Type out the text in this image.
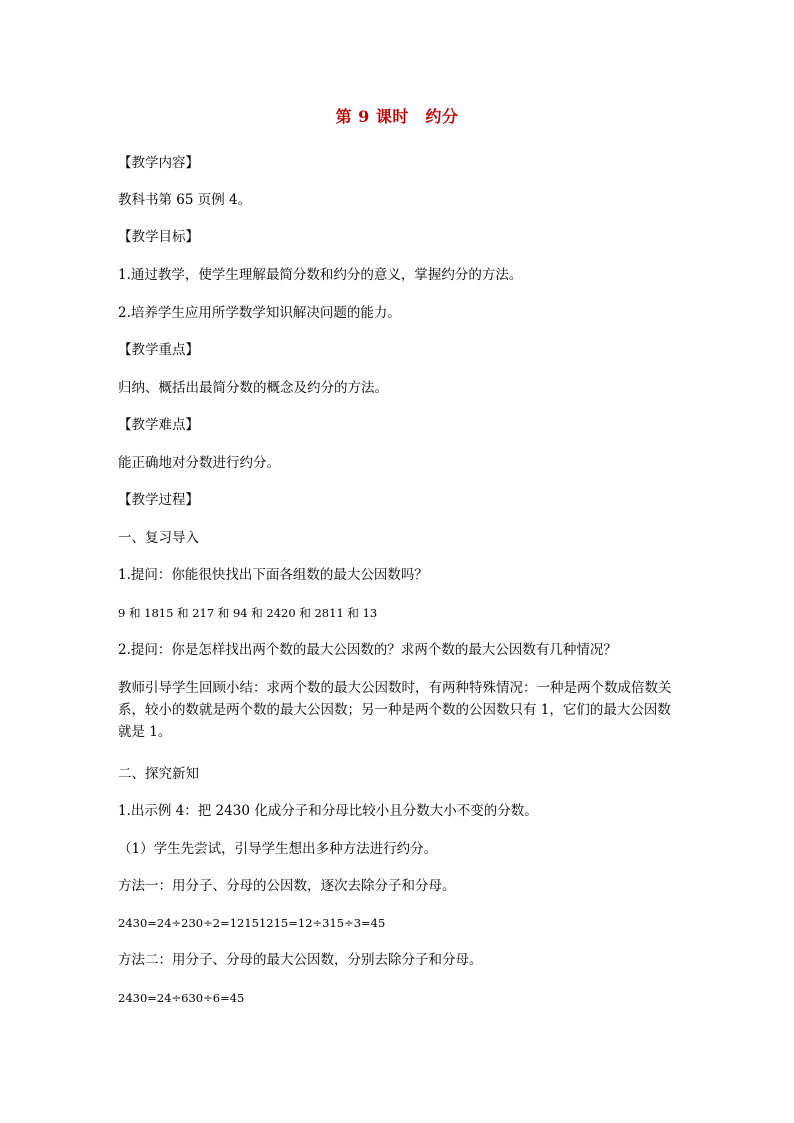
第 9 课时　约分
【教学内容】
教科书第 65 页例 4。
【教学目标】
1.通过教学，使学生理解最简分数和约分的意义，掌握约分的方法。
2.培养学生应用所学数学知识解决问题的能力。
【教学重点】
归纳、概括出最简分数的概念及约分的方法。
【教学难点】
能正确地对分数进行约分。
【教学过程】
一、复习导入
1.提问：你能很快找出下面各组数的最大公因数吗？
9 和 1815 和 217 和 94 和 2420 和 2811 和 13
2.提问：你是怎样找出两个数的最大公因数的？求两个数的最大公因数有几种情况？
教师引导学生回顾小结：求两个数的最大公因数时，有两种特殊情况：一种是两个数成倍数关系，较小的数就是两个数的最大公因数；另一种是两个数的公因数只有 1，它们的最大公因数就是 1。
二、探究新知
1.出示例 4：把 2430 化成分子和分母比较小且分数大小不变的分数。
（1）学生先尝试，引导学生想出多种方法进行约分。
方法一：用分子、分母的公因数，逐次去除分子和分母。
2430=24÷230÷2=12151215=12÷315÷3=45
方法二：用分子、分母的最大公因数，分别去除分子和分母。
2430=24÷630÷6=45
